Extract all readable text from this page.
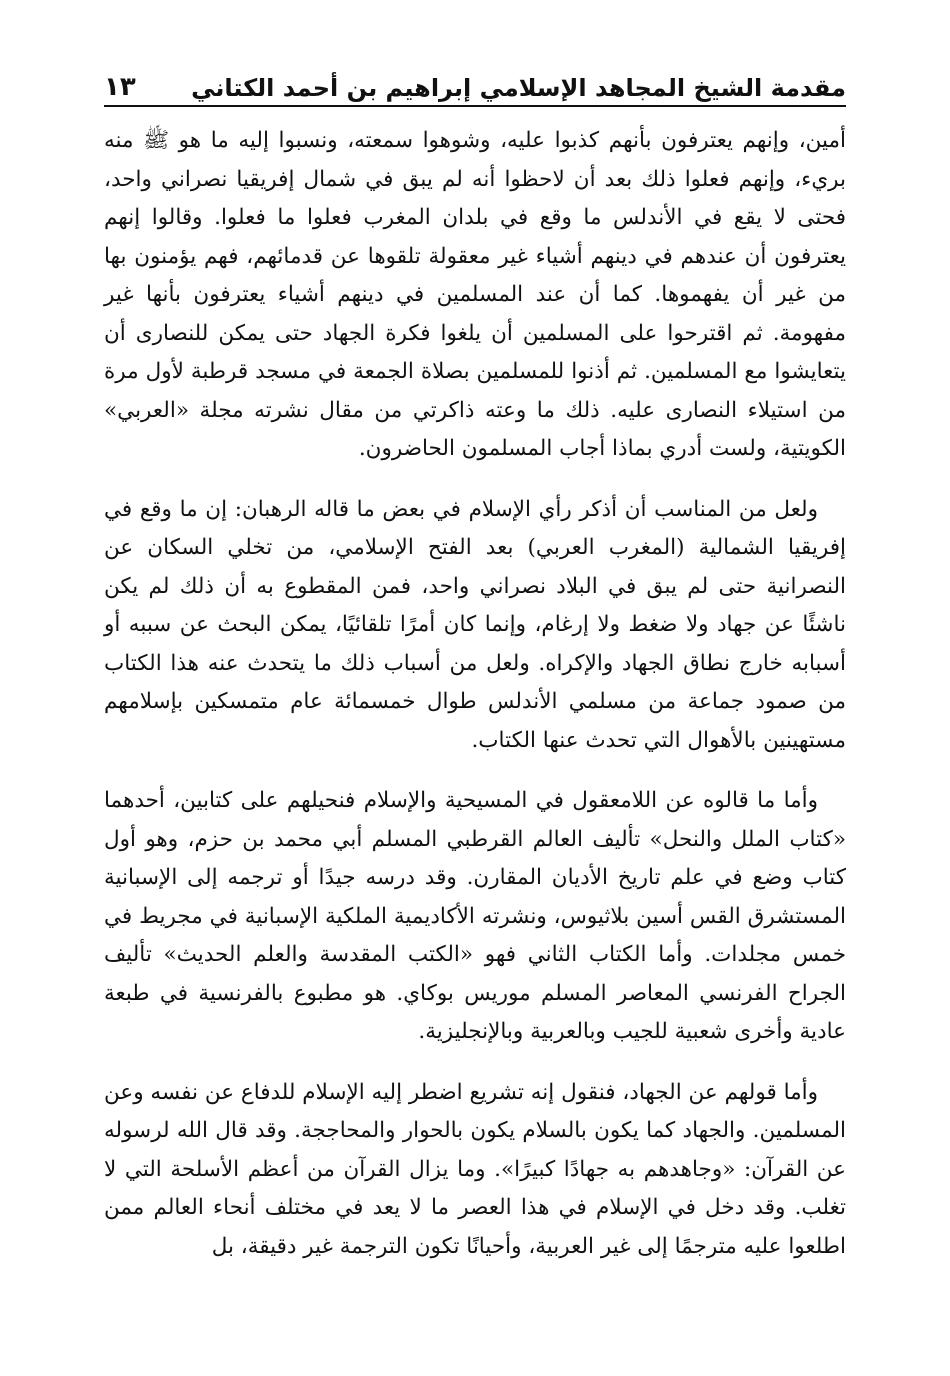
مقدمة الشيخ المجاهد الإسلامي إبراهيم بن أحمد الكتاني
١٣

أمين، وإنهم يعترفون بأنهم كذبوا عليه، وشوهوا سمعته، ونسبوا إليه ما هو ﷺ منه بريء، وإنهم فعلوا ذلك بعد أن لاحظوا أنه لم يبق في شمال إفريقيا نصراني واحد، فحتى لا يقع في الأندلس ما وقع في بلدان المغرب فعلوا ما فعلوا. وقالوا إنهم يعترفون أن عندهم في دينهم أشياء غير معقولة تلقوها عن قدمائهم، فهم يؤمنون بها من غير أن يفهموها. كما أن عند المسلمين في دينهم أشياء يعترفون بأنها غير مفهومة. ثم اقترحوا على المسلمين أن يلغوا فكرة الجهاد حتى يمكن للنصارى أن يتعايشوا مع المسلمين. ثم أذنوا للمسلمين بصلاة الجمعة في مسجد قرطبة لأول مرة من استيلاء النصارى عليه. ذلك ما وعته ذاكرتي من مقال نشرته مجلة «العربي» الكويتية، ولست أدري بماذا أجاب المسلمون الحاضرون.

ولعل من المناسب أن أذكر رأي الإسلام في بعض ما قاله الرهبان: إن ما وقع في إفريقيا الشمالية (المغرب العربي) بعد الفتح الإسلامي، من تخلي السكان عن النصرانية حتى لم يبق في البلاد نصراني واحد، فمن المقطوع به أن ذلك لم يكن ناشئًا عن جهاد ولا ضغط ولا إرغام، وإنما كان أمرًا تلقائيًا، يمكن البحث عن سببه أو أسبابه خارج نطاق الجهاد والإكراه. ولعل من أسباب ذلك ما يتحدث عنه هذا الكتاب من صمود جماعة من مسلمي الأندلس طوال خمسمائة عام متمسكين بإسلامهم مستهينين بالأهوال التي تحدث عنها الكتاب.

وأما ما قالوه عن اللامعقول في المسيحية والإسلام فنحيلهم على كتابين، أحدهما «كتاب الملل والنحل» تأليف العالم القرطبي المسلم أبي محمد بن حزم، وهو أول كتاب وضع في علم تاريخ الأديان المقارن. وقد درسه جيدًا أو ترجمه إلى الإسبانية المستشرق القس أسين بلاثيوس، ونشرته الأكاديمية الملكية الإسبانية في مجريط في خمس مجلدات. وأما الكتاب الثاني فهو «الكتب المقدسة والعلم الحديث» تأليف الجراح الفرنسي المعاصر المسلم موريس بوكاي. هو مطبوع بالفرنسية في طبعة عادية وأخرى شعبية للجيب وبالعربية وبالإنجليزية.

وأما قولهم عن الجهاد، فنقول إنه تشريع اضطر إليه الإسلام للدفاع عن نفسه وعن المسلمين. والجهاد كما يكون بالسلام يكون بالحوار والمحاججة. وقد قال الله لرسوله عن القرآن: «وجاهدهم به جهادًا كبيرًا». وما يزال القرآن من أعظم الأسلحة التي لا تغلب. وقد دخل في الإسلام في هذا العصر ما لا يعد في مختلف أنحاء العالم ممن اطلعوا عليه مترجمًا إلى غير العربية، وأحيانًا تكون الترجمة غير دقيقة، بل
